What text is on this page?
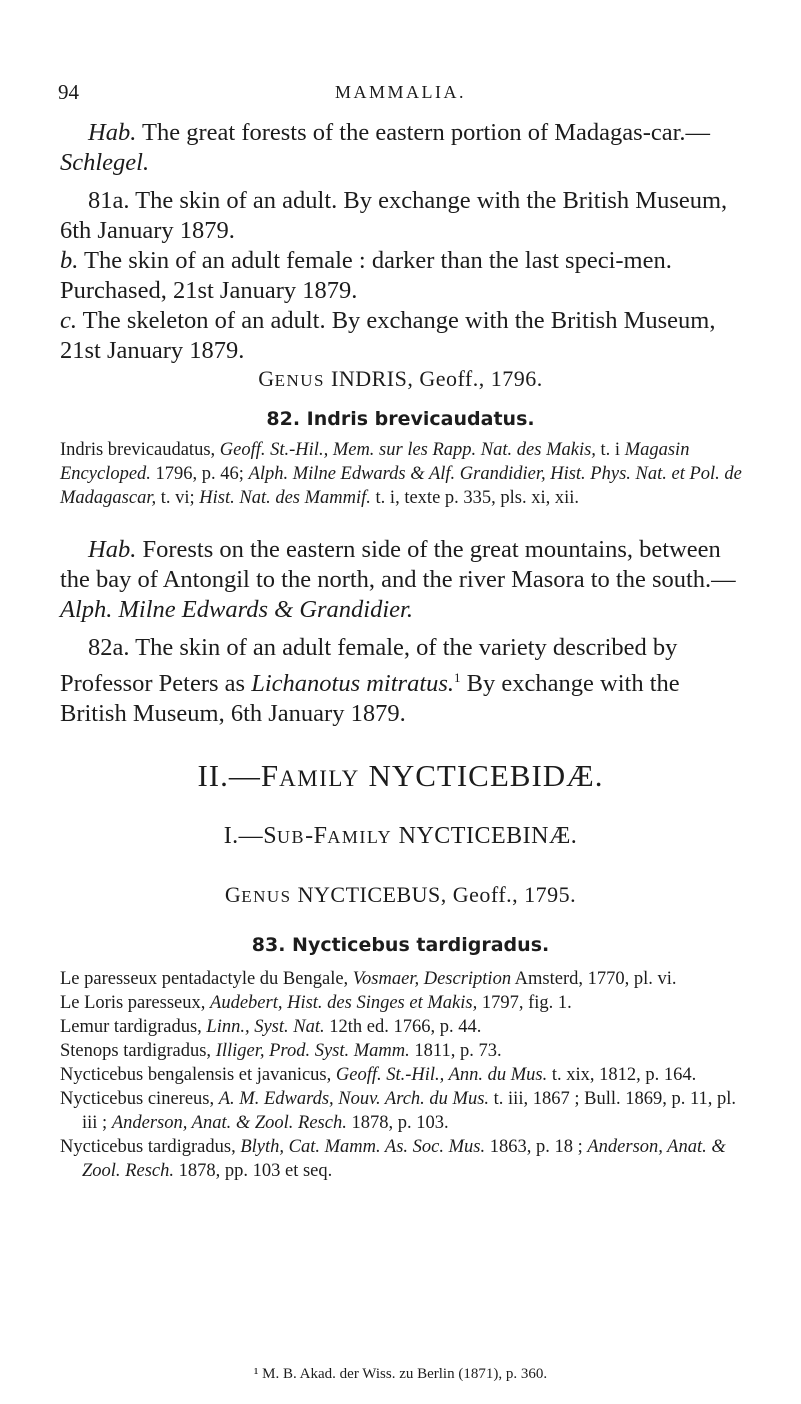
94	MAMMALIA.

Hab. The great forests of the eastern portion of Madagas-car.—Schlegel.

81a. The skin of an adult. By exchange with the British Museum, 6th January 1879.

b. The skin of an adult female : darker than the last speci-men. Purchased, 21st January 1879.

c. The skeleton of an adult. By exchange with the British Museum, 21st January 1879.

GENUS INDRIS, Geoff., 1796.
82. Indris brevicaudatus.

Indris brevicaudatus, Geoff. St.-Hil., Mem. sur les Rapp. Nat. des Makis, t. i Magasin Encycloped. 1796, p. 46; Alph. Milne Edwards & Alf. Grandidier, Hist. Phys. Nat. et Pol. de Madagascar, t. vi; Hist. Nat. des Mammif. t. i, texte p. 335, pls. xi, xii.

Hab. Forests on the eastern side of the great mountains, between the bay of Antongil to the north, and the river Masora to the south.—Alph. Milne Edwards & Grandidier.

82a. The skin of an adult female, of the variety described by Professor Peters as Lichanotus mitratus.$^1$ By exchange with the British Museum, 6th January 1879.

II.—FAMILY NYCTICEBIDÆ.
I.—SUB-FAMILY NYCTICEBINÆ.
GENUS NYCTICEBUS, Geoff., 1795.
83. Nycticebus tardigradus.

Le paresseux pentadactyle du Bengale, Vosmaer, Description Amsterd, 1770, pl. vi.

Le Loris paresseux, Audebert, Hist. des Singes et Makis, 1797, fig. 1.

Lemur tardigradus, Linn., Syst. Nat. 12th ed. 1766, p. 44.

Stenops tardigradus, Illiger, Prod. Syst. Mamm. 1811, p. 73.

Nycticebus bengalensis et javanicus, Geoff. St.-Hil., Ann. du Mus. t. xix, 1812, p. 164.

Nycticebus cinereus, A. M. Edwards, Nouv. Arch. du Mus. t. iii, 1867 ; Bull. 1869, p. 11, pl. iii ; Anderson, Anat. & Zool. Resch. 1878, p. 103.

Nycticebus tardigradus, Blyth, Cat. Mamm. As. Soc. Mus. 1863, p. 18 ; Anderson, Anat. & Zool. Resch. 1878, pp. 103 et seq.

¹ M. B. Akad. der Wiss. zu Berlin (1871), p. 360.
